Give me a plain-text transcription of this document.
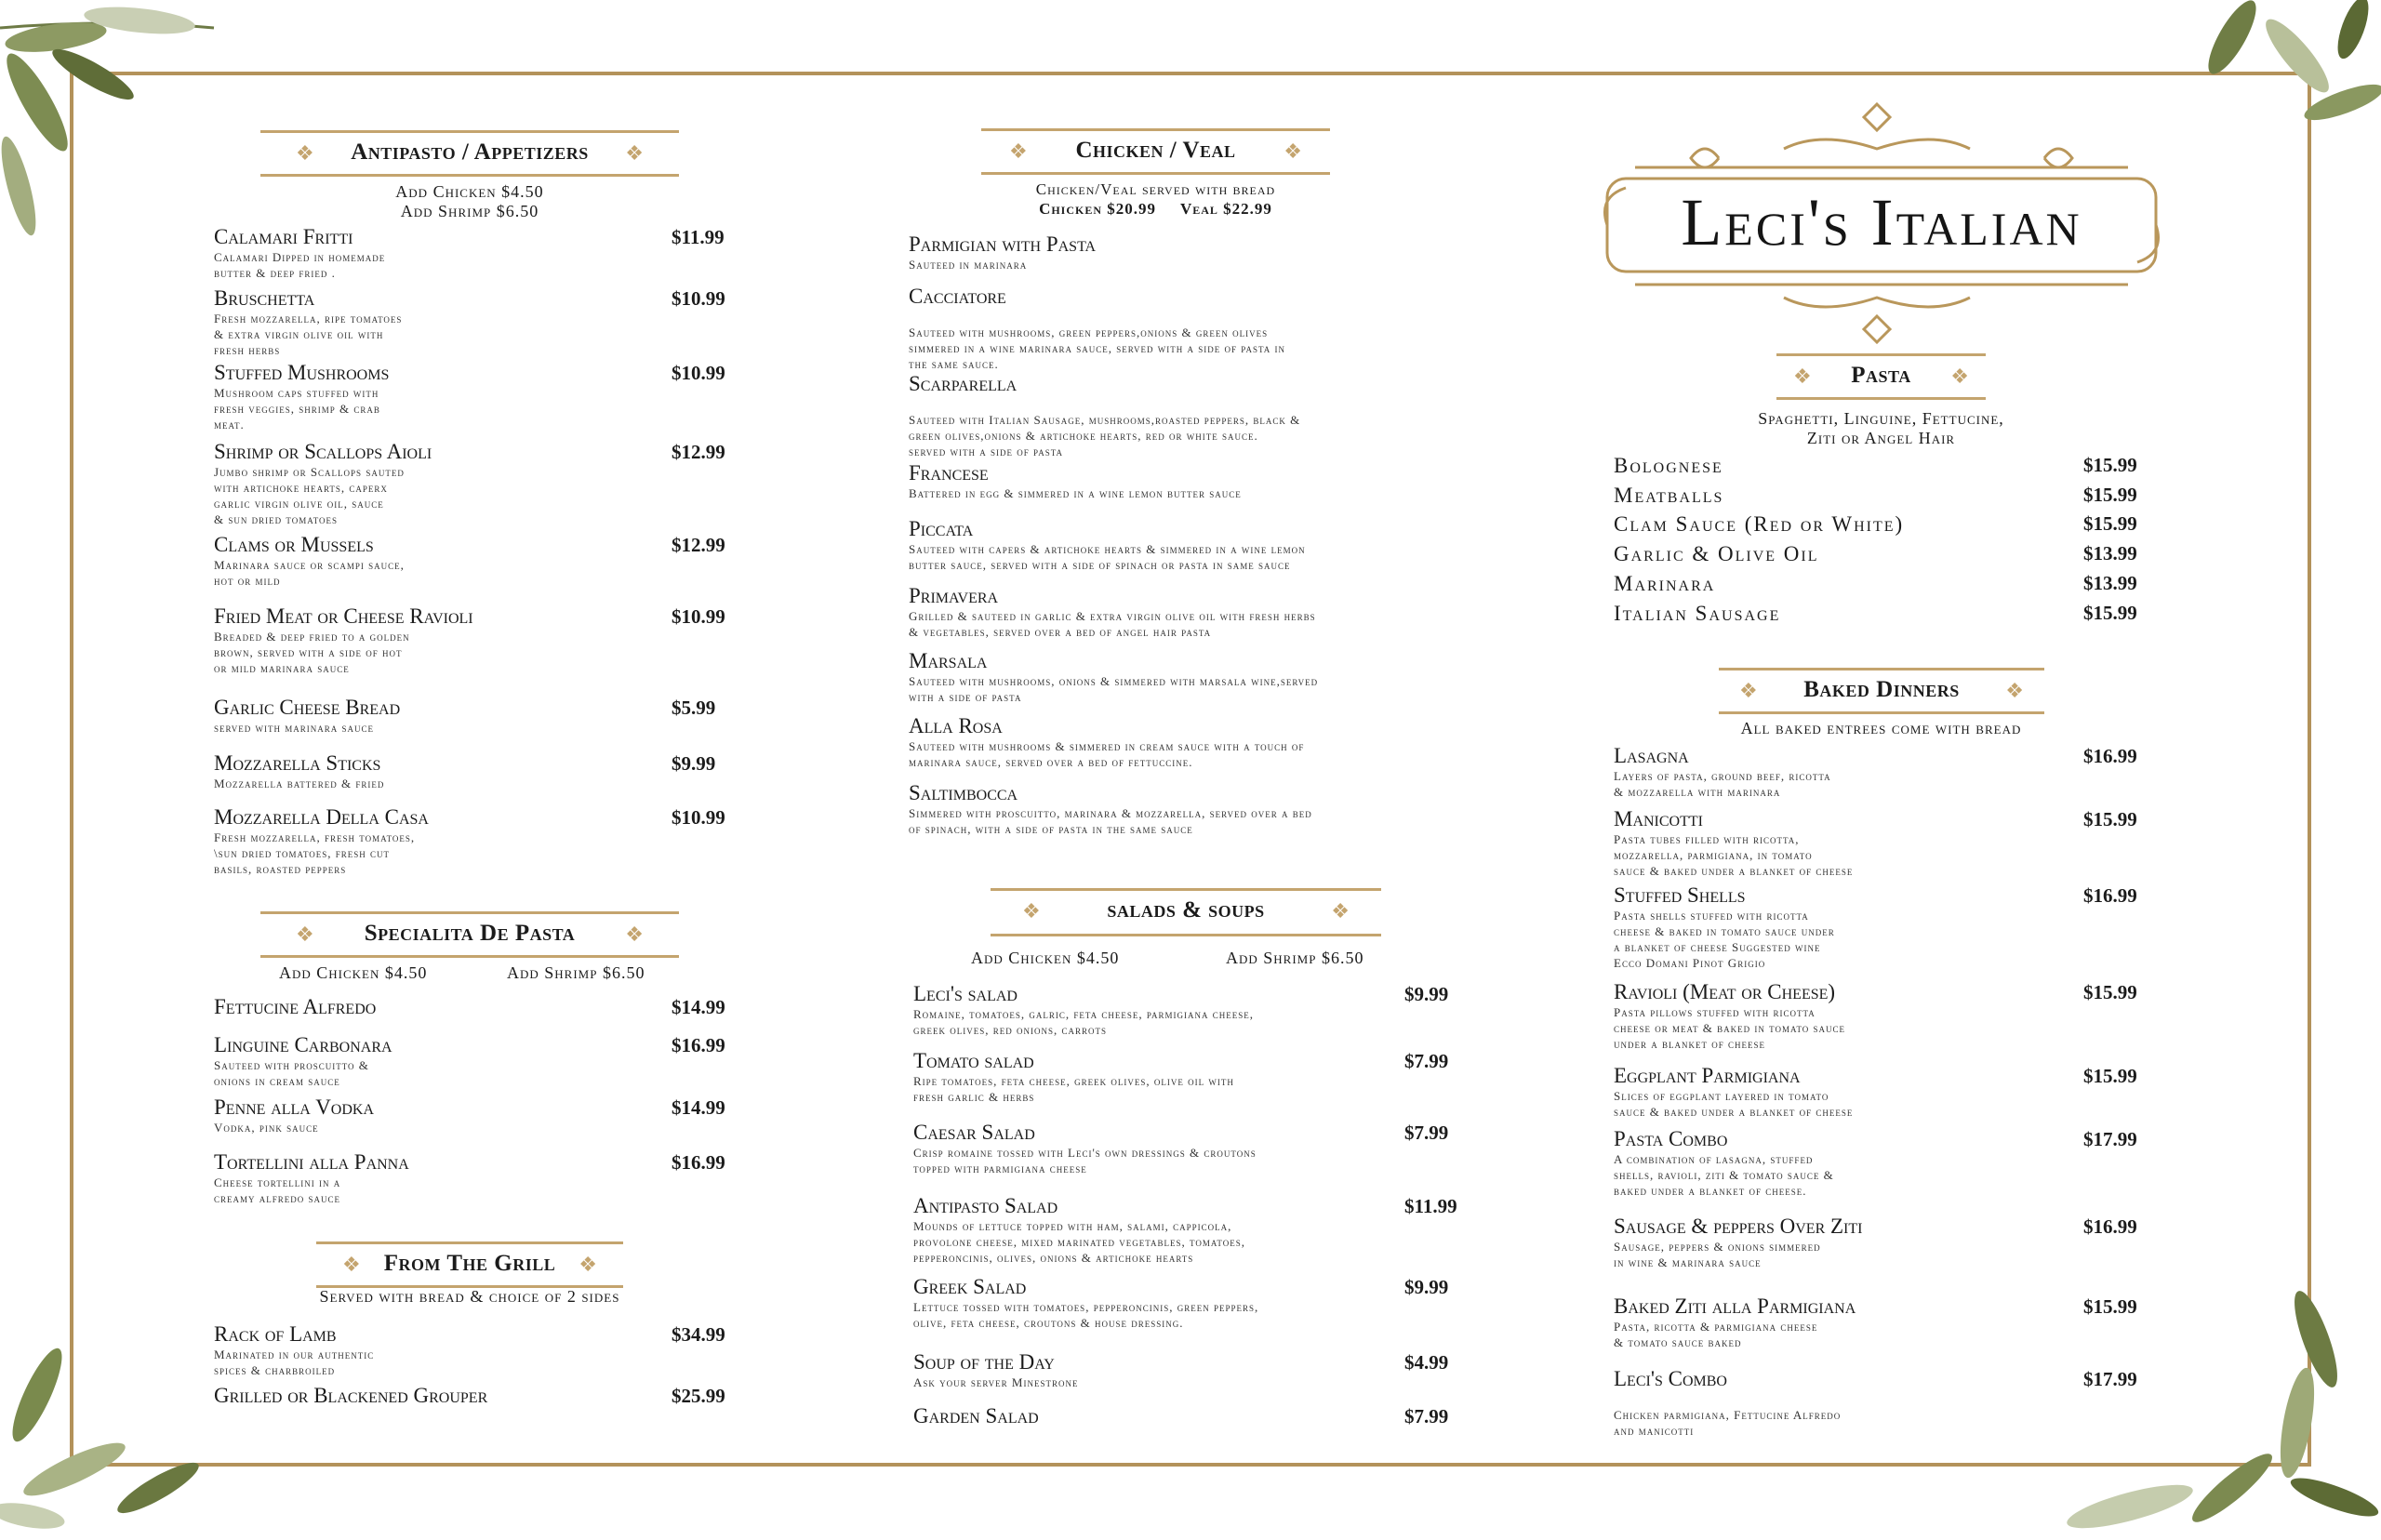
❖	Antipasto / Appetizers	❖
Add Chicken $4.50
Add Shrimp $6.50
Calamari Fritti
Calamari Dipped in homemade
butter & deep fried .
$11.99
Bruschetta
Fresh mozzarella, ripe tomatoes
& extra virgin olive oil with
fresh herbs
$10.99
Stuffed Mushrooms
Mushroom caps stuffed with
fresh veggies, shrimp & crab
meat.
$10.99
Shrimp or Scallops Aioli
Jumbo shrimp or Scallops sauted
with artichoke hearts, caperx
garlic virgin olive oil, sauce
& sun dried tomatoes
$12.99
Clams or Mussels
Marinara sauce or scampi sauce,
hot or mild
$12.99
Fried Meat or Cheese Ravioli
Breaded & deep fried to a golden
brown, served with a side of hot
or mild marinara sauce
$10.99
Garlic Cheese Bread
served with marinara sauce
$5.99
Mozzarella Sticks
Mozzarella battered & fried
$9.99
Mozzarella Della Casa
Fresh mozzarella, fresh tomatoes,
\sun dried tomatoes, fresh cut
basils, roasted peppers
$10.99
❖	Specialita De Pasta	❖
Add Chicken $4.50	Add Shrimp $6.50
Fettucine Alfredo	$14.99
Linguine Carbonara
Sauteed with proscuitto &
onions in cream sauce
$16.99
Penne alla Vodka
Vodka, pink sauce
$14.99
Tortellini alla Panna
Cheese tortellini in a
creamy alfredo sauce
$16.99
❖	From The Grill	❖
Served with bread & choice of 2 sides
Rack of Lamb
Marinated in our authentic
spices & charbroiled
$34.99
Grilled or Blackened Grouper	$25.99
❖	Chicken / Veal	❖
Chicken/Veal served with bread
Chicken $20.99     Veal $22.99
Parmigian with Pasta
Sauteed in marinara
Cacciatore

Sauteed with mushrooms, green peppers,onions & green olives
simmered in a wine marinara sauce, served with a side of pasta in
the same sauce.
Scarparella

Sauteed with Italian Sausage, mushrooms,roasted peppers, black &
green olives,onions & artichoke hearts, red or white sauce.
served with a side of pasta
Francese
Battered in egg & simmered in a wine lemon butter sauce
Piccata
Sauteed with capers & artichoke hearts & simmered in a wine lemon
butter sauce, served with a side of spinach or pasta in same sauce
Primavera
Grilled & sauteed in garlic & extra virgin olive oil with fresh herbs
& vegetables, served over a bed of angel hair pasta
Marsala
Sauteed with mushrooms, onions & simmered with marsala wine,served
with a side of pasta
Alla Rosa
Sauteed with mushrooms & simmered in cream sauce with a touch of
marinara sauce, served over a bed of fettuccine.
Saltimbocca
Simmered with proscuitto, marinara & mozzarella, served over a bed
of spinach, with a side of pasta in the same sauce
❖	salads & soups	❖
Add Chicken $4.50	Add Shrimp $6.50
Leci's salad
Romaine, tomatoes, galric, feta cheese, parmigiana cheese,
greek olives, red onions, carrots
$9.99
Tomato salad
Ripe tomatoes, feta cheese, greek olives, olive oil with
fresh garlic & herbs
$7.99
Caesar Salad
Crisp romaine tossed with Leci's own dressings & croutons
topped with parmigiana cheese
$7.99
Antipasto Salad
Mounds of lettuce topped with ham, salami, cappicola,
provolone cheese, mixed marinated vegetables, tomatoes,
pepperoncinis, olives, onions & artichoke hearts
$11.99
Greek Salad
Lettuce tossed with tomatoes, pepperoncinis, green peppers,
olive, feta cheese, croutons & house dressing.
$9.99
Soup of the Day
Ask your server Minestrone
$4.99
Garden Salad	$7.99
Leci's Italian
❖	Pasta	❖
Spaghetti, Linguine, Fettucine,
Ziti or Angel Hair
Bolognese	$15.99
Meatballs	$15.99
Clam Sauce (Red or White)	$15.99
Garlic & Olive Oil	$13.99
Marinara	$13.99
Italian Sausage	$15.99
❖	Baked Dinners	❖
All baked entrees come with bread
Lasagna
Layers of pasta, ground beef, ricotta
& mozzarella with marinara
$16.99
Manicotti
Pasta tubes filled with ricotta,
mozzarella, parmigiana, in tomato
sauce & baked under a blanket of cheese
$15.99
Stuffed Shells
Pasta shells stuffed with ricotta
cheese & baked in tomato sauce under
a blanket of cheese Suggested wine
Ecco Domani Pinot Grigio
$16.99
Ravioli (Meat or Cheese)
Pasta pillows stuffed with ricotta
cheese or meat & baked in tomato sauce
under a blanket of cheese
$15.99
Eggplant Parmigiana
Slices of eggplant layered in tomato
sauce & baked under a blanket of cheese
$15.99
Pasta Combo
A combination of lasagna, stuffed
shells, ravioli, ziti & tomato sauce &
baked under a blanket of cheese.
$17.99
Sausage & peppers Over Ziti
Sausage, peppers & onions simmered
in wine & marinara sauce
$16.99
Baked Ziti alla Parmigiana
Pasta, ricotta & parmigiana cheese
& tomato sauce baked
$15.99
Leci's Combo

Chicken parmigiana, Fettucine Alfredo
and manicotti
$17.99
